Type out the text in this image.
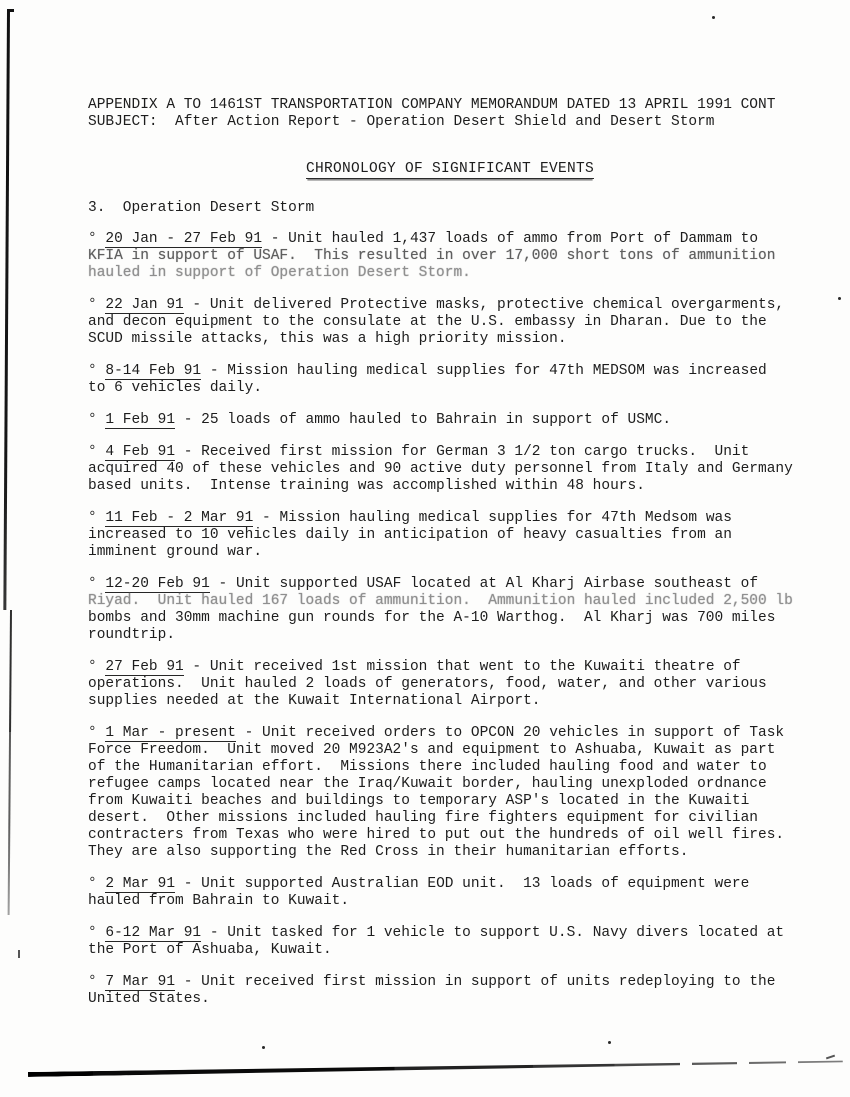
APPENDIX A TO 1461ST TRANSPORTATION COMPANY MEMORANDUM DATED 13 APRIL 1991 CONT
SUBJECT:  After Action Report - Operation Desert Shield and Desert Storm
CHRONOLOGY OF SIGNIFICANT EVENTS
3.  Operation Desert Storm

° 20 Jan - 27 Feb 91 - Unit hauled 1,437 loads of ammo from Port of Dammam to
KFIA in support of USAF.  This resulted in over 17,000 short tons of ammunition
hauled in support of Operation Desert Storm.

° 22 Jan 91 - Unit delivered Protective masks, protective chemical overgarments,
and decon equipment to the consulate at the U.S. embassy in Dharan. Due to the
SCUD missile attacks, this was a high priority mission.

° 8-14 Feb 91 - Mission hauling medical supplies for 47th MEDSOM was increased
to 6 vehicles daily.

° 1 Feb 91 - 25 loads of ammo hauled to Bahrain in support of USMC.

° 4 Feb 91 - Received first mission for German 3 1/2 ton cargo trucks.  Unit
acquired 40 of these vehicles and 90 active duty personnel from Italy and Germany
based units.  Intense training was accomplished within 48 hours.

° 11 Feb - 2 Mar 91 - Mission hauling medical supplies for 47th Medsom was
increased to 10 vehicles daily in anticipation of heavy casualties from an
imminent ground war.

° 12-20 Feb 91 - Unit supported USAF located at Al Kharj Airbase southeast of
Riyad.  Unit hauled 167 loads of ammunition.  Ammunition hauled included 2,500 lb
bombs and 30mm machine gun rounds for the A-10 Warthog.  Al Kharj was 700 miles
roundtrip.

° 27 Feb 91 - Unit received 1st mission that went to the Kuwaiti theatre of
operations.  Unit hauled 2 loads of generators, food, water, and other various
supplies needed at the Kuwait International Airport.

° 1 Mar - present - Unit received orders to OPCON 20 vehicles in support of Task
Force Freedom.  Unit moved 20 M923A2's and equipment to Ashuaba, Kuwait as part
of the Humanitarian effort.  Missions there included hauling food and water to
refugee camps located near the Iraq/Kuwait border, hauling unexploded ordnance
from Kuwaiti beaches and buildings to temporary ASP's located in the Kuwaiti
desert.  Other missions included hauling fire fighters equipment for civilian
contracters from Texas who were hired to put out the hundreds of oil well fires.
They are also supporting the Red Cross in their humanitarian efforts.

° 2 Mar 91 - Unit supported Australian EOD unit.  13 loads of equipment were
hauled from Bahrain to Kuwait.

° 6-12 Mar 91 - Unit tasked for 1 vehicle to support U.S. Navy divers located at
the Port of Ashuaba, Kuwait.

° 7 Mar 91 - Unit received first mission in support of units redeploying to the
United States.
